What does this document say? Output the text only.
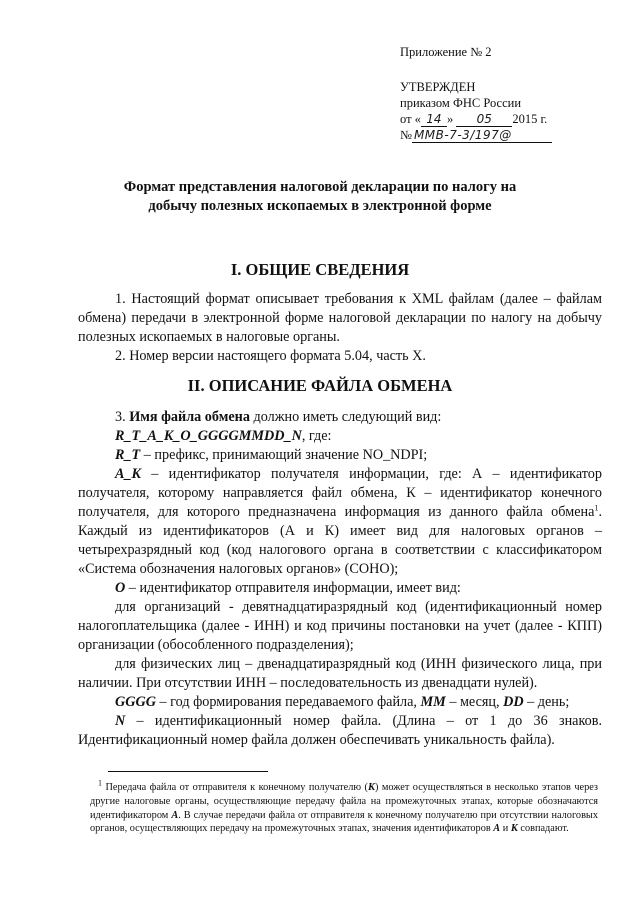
Приложение № 2
УТВЕРЖДЕН
приказом ФНС России
от « 14 » 05 2015 г.
№ ММВ-7-3/197@
Формат представления налоговой декларации по налогу на
добычу полезных ископаемых в электронной форме
I. ОБЩИЕ СВЕДЕНИЯ

1. Настоящий формат описывает требования к XML файлам (далее – файлам обмена) передачи в электронной форме налоговой декларации по налогу на добычу полезных ископаемых в налоговые органы.

2. Номер версии настоящего формата 5.04, часть X.

II. ОПИСАНИЕ ФАЙЛА ОБМЕНА

3. Имя файла обмена должно иметь следующий вид:

R_T_A_K_O_GGGGMMDD_N, где:

R_T – префикс, принимающий значение NO_NDPI;

A_K – идентификатор получателя информации, где: А – идентификатор получателя, которому направляется файл обмена, К – идентификатор конечного получателя, для которого предназначена информация из данного файла обмена$^1$. Каждый из идентификаторов (А и К) имеет вид для налоговых органов – четырехразрядный код (код налогового органа в соответствии с классификатором «Система обозначения налоговых органов» (СОНО);

O – идентификатор отправителя информации, имеет вид:

для организаций - девятнадцатиразрядный код (идентификационный номер налогоплательщика (далее - ИНН) и код причины постановки на учет (далее - КПП) организации (обособленного подразделения);

для физических лиц – двенадцатиразрядный код (ИНН физического лица, при наличии. При отсутствии ИНН – последовательность из двенадцати нулей).

GGGG – год формирования передаваемого файла, MM – месяц, DD – день;

N – идентификационный номер файла. (Длина – от 1 до 36 знаков. Идентификационный номер файла должен обеспечивать уникальность файла).

$^1$ Передача файла от отправителя к конечному получателю (К) может осуществляться в несколько этапов через другие налоговые органы, осуществляющие передачу файла на промежуточных этапах, которые обозначаются идентификатором А. В случае передачи файла от отправителя к конечному получателю при отсутствии налоговых органов, осуществляющих передачу на промежуточных этапах, значения идентификаторов А и К совпадают.
